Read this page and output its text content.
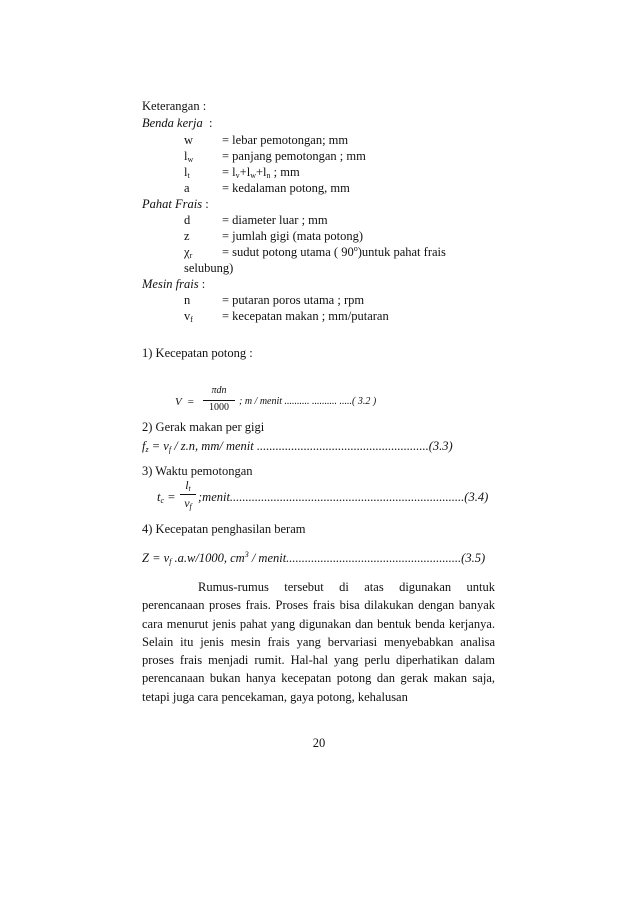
Keterangan :
Benda kerja :
w = lebar pemotongan; mm
$l_w$ = panjang pemotongan ; mm
$l_t$	= $l_v+l_w+l_n$ ; mm
a	= kedalaman potong, mm
Pahat Frais :
d	= diameter luar ; mm
z	= jumlah gigi (mata potong)
$\chi_r$ = sudut potong utama ( 90$^o$)untuk pahat frais
selubung)
Mesin frais :
n	= putaran poros utama ; rpm
$v_f$ = kecepatan makan ; mm/putaran
1) Kecepatan potong :
V  =
πdn
1000
; m / menit .......... .......... .....( 3.2 )
2) Gerak makan per gigi
$f_z = v_f / z.n$, mm/ menit .......................................................(3.3)
3) Waktu pemotongan
$t_c$ =
$l_t$
$v_f$
;menit...........................................................................(3.4)
4) Kecepatan penghasilan beram
$Z = v_f$ .a.w/1000, $cm^3$ / menit........................................................(3.5)
Rumus-rumus tersebut di atas digunakan untuk perencanaan proses frais. Proses frais bisa dilakukan dengan banyak cara menurut jenis pahat yang digunakan dan bentuk benda kerjanya. Selain itu jenis mesin frais yang bervariasi menyebabkan analisa proses frais menjadi rumit. Hal-hal yang perlu diperhatikan dalam perencanaan bukan hanya kecepatan potong dan gerak makan saja, tetapi juga cara pencekaman, gaya potong, kehalusan
20
